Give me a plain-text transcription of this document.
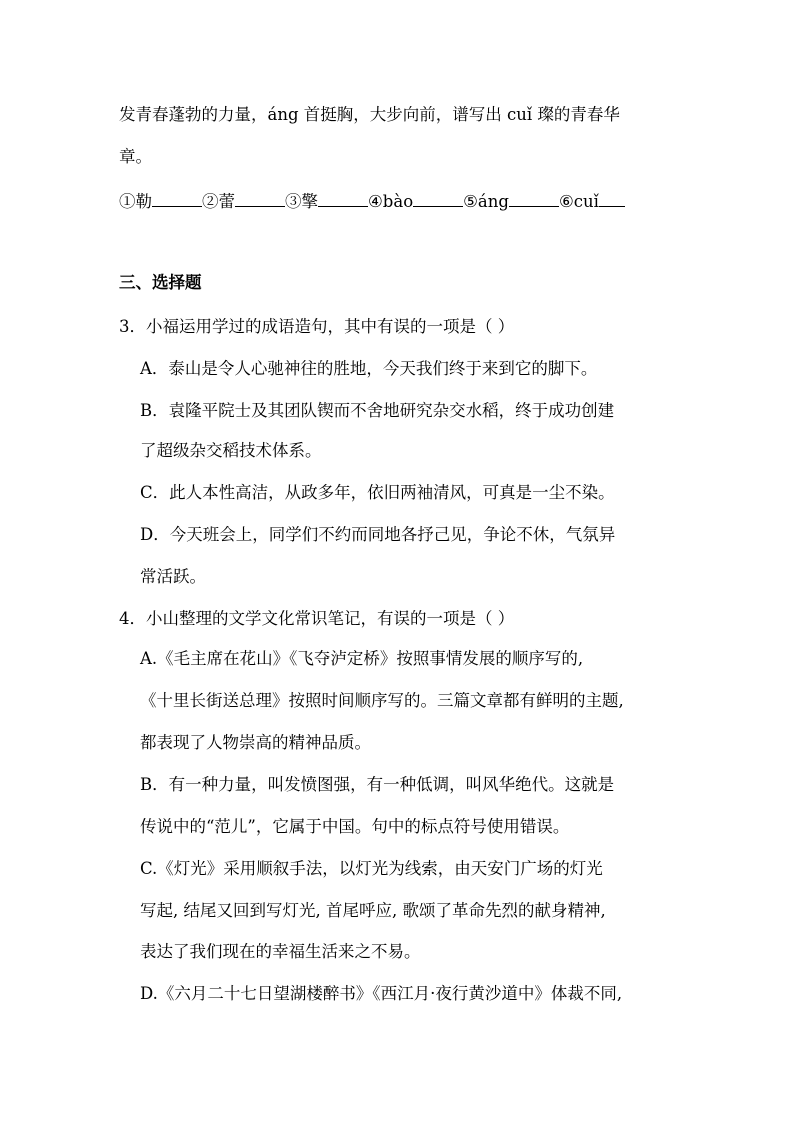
发青春蓬勃的力量，áng 首挺胸，大步向前，谱写出 cuǐ 璨的青春华
章。
①勒	②蕾	③擎	④bào	⑤áng	⑥cuǐ
三、选择题
3．小福运用学过的成语造句，其中有误的一项是（ ）
A．泰山是令人心驰神往的胜地，今天我们终于来到它的脚下。
B．袁隆平院士及其团队锲而不舍地研究杂交水稻，终于成功创建
了超级杂交稻技术体系。
C．此人本性高洁，从政多年，依旧两袖清风，可真是一尘不染。
D．今天班会上，同学们不约而同地各抒己见，争论不休，气氛异
常活跃。
4．小山整理的文学文化常识笔记，有误的一项是（ ）
A.《毛主席在花山》《飞夺泸定桥》按照事情发展的顺序写的,
《十里长街送总理》按照时间顺序写的。三篇文章都有鲜明的主题,
都表现了人物崇高的精神品质。
B．有一种力量，叫发愤图强，有一种低调，叫风华绝代。这就是
传说中的“范儿”，它属于中国。句中的标点符号使用错误。
C.《灯光》采用顺叙手法，以灯光为线索，由天安门广场的灯光
写起, 结尾又回到写灯光, 首尾呼应, 歌颂了革命先烈的献身精神,
表达了我们现在的幸福生活来之不易。
D.《六月二十七日望湖楼醉书》《西江月·夜行黄沙道中》体裁不同,
